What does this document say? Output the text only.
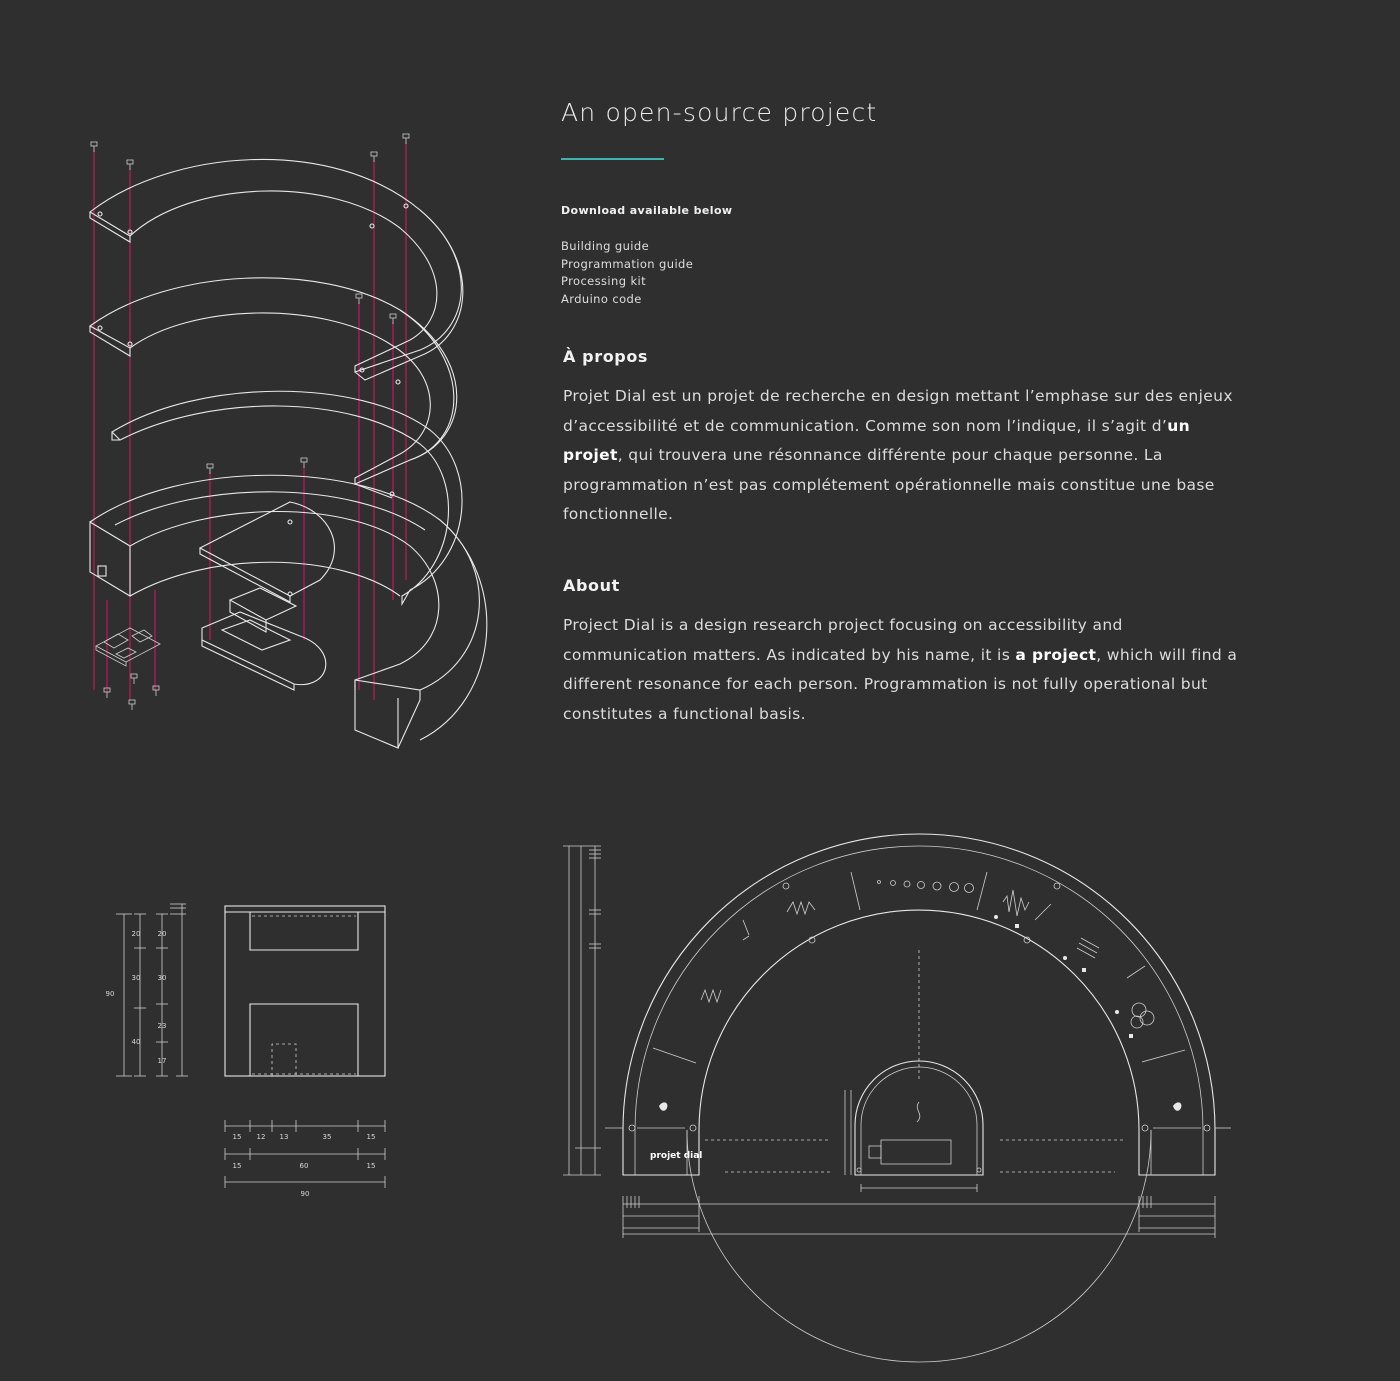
An open-source project
Download available below
Building guide
Programmation guide
Processing kit
Arduino code
À propos

Projet Dial est un projet de recherche en design mettant l’emphase sur des enjeux d’accessibilité et de communication. Comme son nom l’indique, il s’agit d’un projet, qui trouvera une résonnance différente pour chaque personne. La programmation n’est pas complétement opérationnelle mais constitue une base fonctionnelle.

About

Project Dial is a design research project focusing on accessibility and communication matters. As indicated by his name, it is a project, which will find a different resonance for each person. Programmation is not fully operational but constitutes a functional basis.

20
30
40
90
20
30
23
17
15 12 13	35	15
15	60	15
90
projet dial
